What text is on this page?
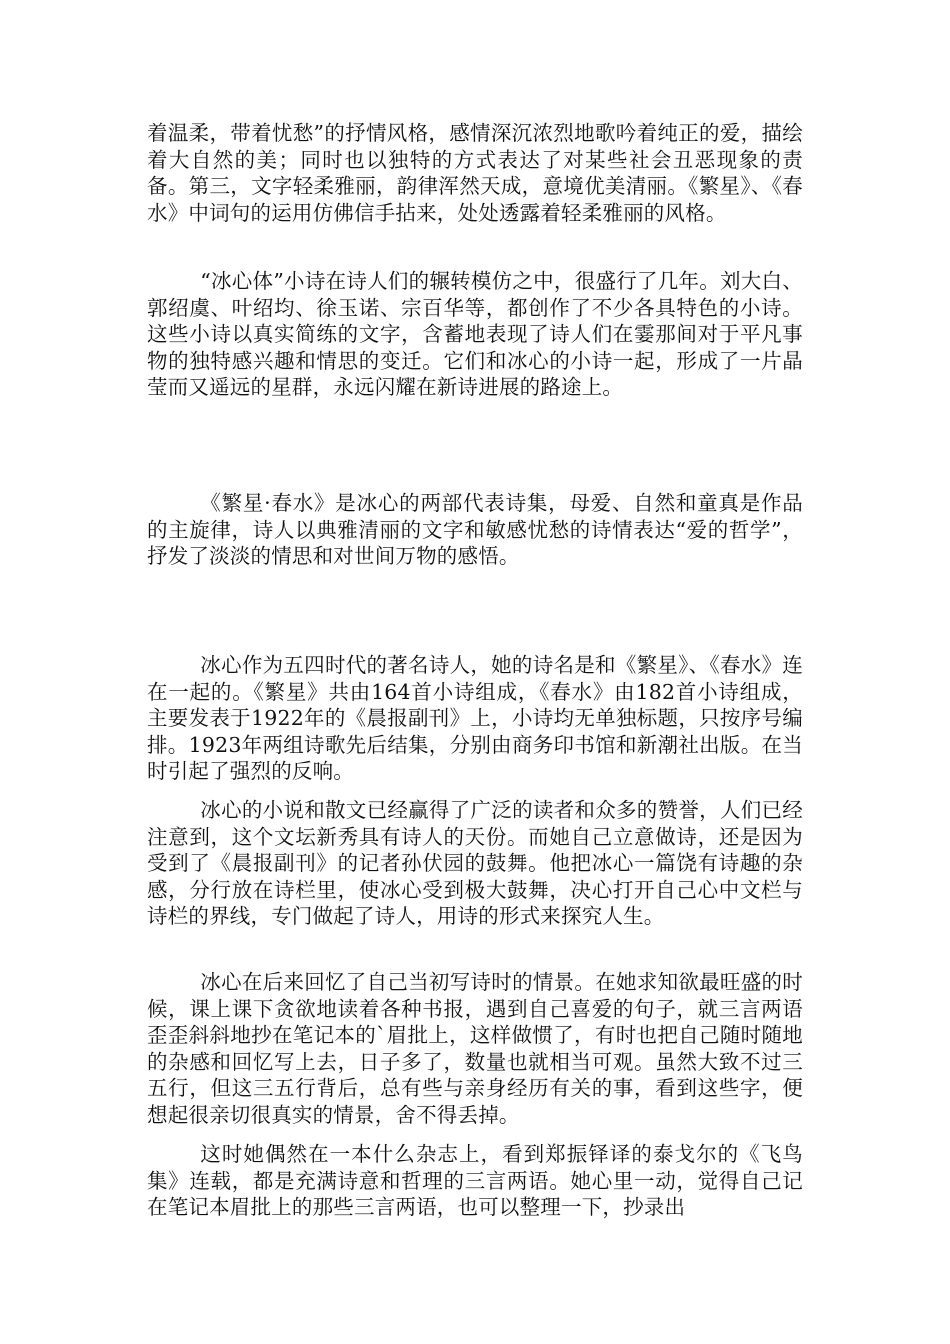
着温柔，带着忧愁”的抒情风格，感情深沉浓烈地歌吟着纯正的爱，描绘着大自然的美；同时也以独特的方式表达了对某些社会丑恶现象的责备。第三，文字轻柔雅丽，韵律浑然天成，意境优美清丽。《繁星》、《春水》中词句的运用仿佛信手拈来，处处透露着轻柔雅丽的风格。

“冰心体”小诗在诗人们的辗转模仿之中，很盛行了几年。刘大白、郭绍虞、叶绍均、徐玉诺、宗百华等，都创作了不少各具特色的小诗。这些小诗以真实简练的文字，含蓄地表现了诗人们在霎那间对于平凡事物的独特感兴趣和情思的变迁。它们和冰心的小诗一起，形成了一片晶莹而又遥远的星群，永远闪耀在新诗进展的路途上。

《繁星·春水》是冰心的两部代表诗集，母爱、自然和童真是作品的主旋律，诗人以典雅清丽的文字和敏感忧愁的诗情表达“爱的哲学”，抒发了淡淡的情思和对世间万物的感悟。

冰心作为五四时代的著名诗人，她的诗名是和《繁星》、《春水》连在一起的。《繁星》共由164首小诗组成，《春水》由182首小诗组成，主要发表于1922年的《晨报副刊》上，小诗均无单独标题，只按序号编排。1923年两组诗歌先后结集，分别由商务印书馆和新潮社出版。在当时引起了强烈的反响。

冰心的小说和散文已经赢得了广泛的读者和众多的赞誉，人们已经注意到，这个文坛新秀具有诗人的天份。而她自己立意做诗，还是因为受到了《晨报副刊》的记者孙伏园的鼓舞。他把冰心一篇饶有诗趣的杂感，分行放在诗栏里，使冰心受到极大鼓舞，决心打开自己心中文栏与诗栏的界线，专门做起了诗人，用诗的形式来探究人生。

冰心在后来回忆了自己当初写诗时的情景。在她求知欲最旺盛的时候，课上课下贪欲地读着各种书报，遇到自己喜爱的句子，就三言两语歪歪斜斜地抄在笔记本的`眉批上，这样做惯了，有时也把自己随时随地的杂感和回忆写上去，日子多了，数量也就相当可观。虽然大致不过三五行，但这三五行背后，总有些与亲身经历有关的事，看到这些字，便想起很亲切很真实的情景，舍不得丢掉。

这时她偶然在一本什么杂志上，看到郑振铎译的泰戈尔的《飞鸟集》连载，都是充满诗意和哲理的三言两语。她心里一动，觉得自己记在笔记本眉批上的那些三言两语，也可以整理一下，抄录出
